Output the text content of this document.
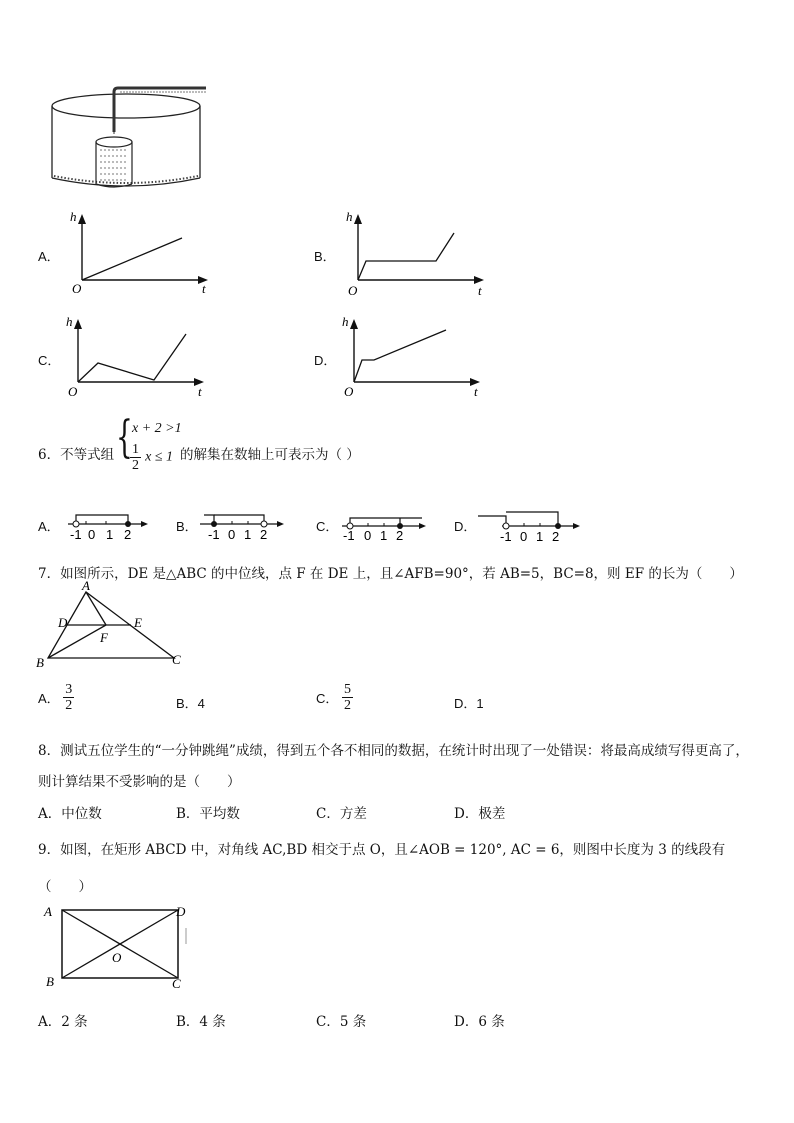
A．
h
t
O
B．
h
t
O
C．
h
t
O
D．
h
t
O
6．不等式组 { x + 2 >1
$\frac{1}{2}$ x ≤ 1 的解集在数轴上可表示为（ ）
A．
-1 0 1 2
B．
-1 0 1 2
C．
-1 0 1 2
D．
-1 0 1 2
7．如图所示，DE 是△ABC 的中位线，点 F 在 DE 上，且∠AFB=90°，若 AB=5，BC=8，则 EF 的长为（　　）
A
D	E
F
B	C
A． $\frac{3}{2}$	B．4	C． $\frac{5}{2}$	D．1
8．测试五位学生的“一分钟跳绳”成绩，得到五个各不相同的数据，在统计时出现了一处错误：将最高成绩写得更高了，
则计算结果不受影响的是（　　）
A．中位数	B．平均数	C．方差	D．极差
9．如图，在矩形 ABCD 中，对角线 AC,BD 相交于点 O，且∠AOB = 120°, AC = 6，则图中长度为 3 的线段有
（　　）
A	D
O
B	C
A．2 条	B．4 条	C．5 条	D．6 条
